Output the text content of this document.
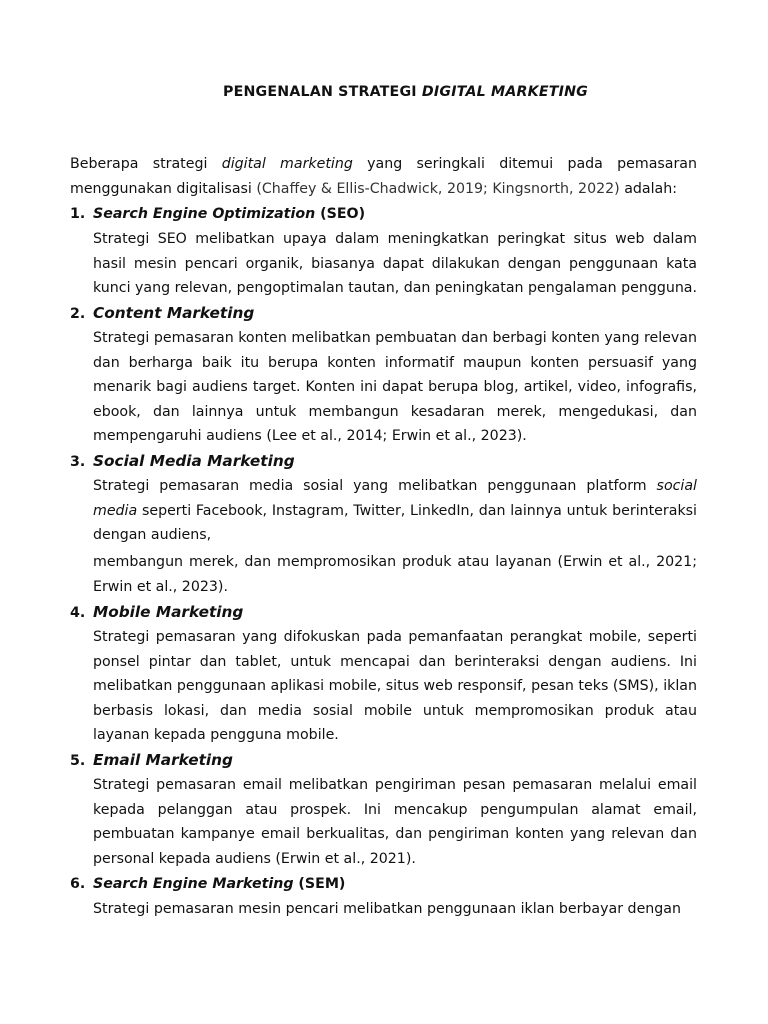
PENGENALAN STRATEGI DIGITAL MARKETING
Beberapa strategi digital marketing yang seringkali ditemui pada pemasaran menggunakan digitalisasi (Chaffey & Ellis-Chadwick, 2019; Kingsnorth, 2022) adalah:
1. Search Engine Optimization (SEO)
Strategi SEO melibatkan upaya dalam meningkatkan peringkat situs web dalam hasil mesin pencari organik, biasanya dapat dilakukan dengan penggunaan kata kunci yang relevan, pengoptimalan tautan, dan peningkatan pengalaman pengguna.
2. Content Marketing
Strategi pemasaran konten melibatkan pembuatan dan berbagi konten yang relevan dan berharga baik itu berupa konten informatif maupun konten persuasif yang menarik bagi audiens target. Konten ini dapat berupa blog, artikel, video, infografis, ebook, dan lainnya untuk membangun kesadaran merek, mengedukasi, dan mempengaruhi audiens (Lee et al., 2014; Erwin et al., 2023).
3. Social Media Marketing
Strategi pemasaran media sosial yang melibatkan penggunaan platform social media seperti Facebook, Instagram, Twitter, LinkedIn, dan lainnya untuk berinteraksi dengan audiens,
membangun merek, dan mempromosikan produk atau layanan (Erwin et al., 2021; Erwin et al., 2023).
4. Mobile Marketing
Strategi pemasaran yang difokuskan pada pemanfaatan perangkat mobile, seperti ponsel pintar dan tablet, untuk mencapai dan berinteraksi dengan audiens. Ini melibatkan penggunaan aplikasi mobile, situs web responsif, pesan teks (SMS), iklan berbasis lokasi, dan media sosial mobile untuk mempromosikan produk atau layanan kepada pengguna mobile.
5. Email Marketing
Strategi pemasaran email melibatkan pengiriman pesan pemasaran melalui email kepada pelanggan atau prospek. Ini mencakup pengumpulan alamat email, pembuatan kampanye email berkualitas, dan pengiriman konten yang relevan dan personal kepada audiens (Erwin et al., 2021).
6. Search Engine Marketing (SEM)
Strategi pemasaran mesin pencari melibatkan penggunaan iklan berbayar dengan
